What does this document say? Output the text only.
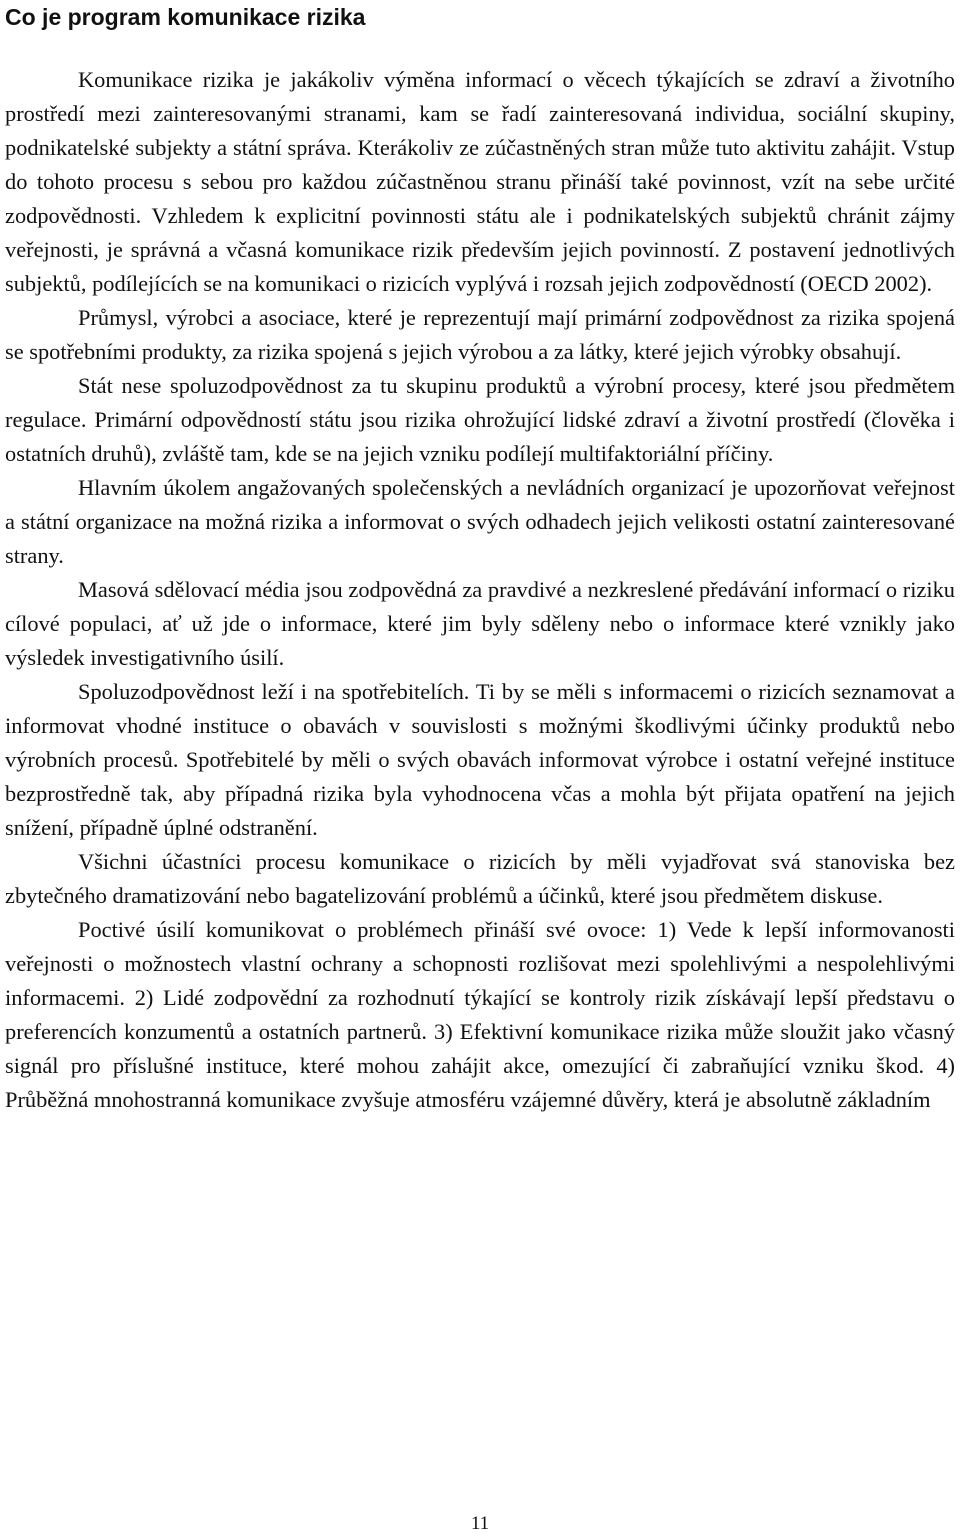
Co je program komunikace rizika

Komunikace rizika je jakákoliv výměna informací o věcech týkajících se zdraví a životního prostředí mezi zainteresovanými stranami, kam se řadí zainteresovaná individua, sociální skupiny, podnikatelské subjekty a státní správa. Kterákoliv ze zúčastněných stran může tuto aktivitu zahájit. Vstup do tohoto procesu s sebou pro každou zúčastněnou stranu přináší také povinnost, vzít na sebe určité zodpovědnosti. Vzhledem k explicitní povinnosti státu ale i podnikatelských subjektů chránit zájmy veřejnosti, je správná a včasná komunikace rizik především jejich povinností. Z postavení jednotlivých subjektů, podílejících se na komunikaci o rizicích vyplývá i rozsah jejich zodpovědností (OECD 2002).

Průmysl, výrobci a asociace, které je reprezentují mají primární zodpovědnost za rizika spojená se spotřebními produkty, za rizika spojená s jejich výrobou a za látky, které jejich výrobky obsahují.

Stát nese spoluzodpovědnost za tu skupinu produktů a výrobní procesy, které jsou předmětem regulace. Primární odpovědností státu jsou rizika ohrožující lidské zdraví a životní prostředí (člověka i ostatních druhů), zvláště tam, kde se na jejich vzniku podílejí multifaktoriální příčiny.

Hlavním úkolem angažovaných společenských a nevládních organizací je upozorňovat veřejnost a státní organizace na možná rizika a informovat o svých odhadech jejich velikosti ostatní zainteresované strany.

Masová sdělovací média jsou zodpovědná za pravdivé a nezkreslené předávání informací o riziku cílové populaci, ať už jde o informace, které jim byly sděleny nebo o informace které vznikly jako výsledek investigativního úsilí.

Spoluzodpovědnost leží i na spotřebitelích. Ti by se měli s informacemi o rizicích seznamovat a informovat vhodné instituce o obavách v souvislosti s možnými škodlivými účinky produktů nebo výrobních procesů. Spotřebitelé by měli o svých obavách informovat výrobce i ostatní veřejné instituce bezprostředně tak, aby případná rizika byla vyhodnocena včas a mohla být přijata opatření na jejich snížení, případně úplné odstranění.

Všichni účastníci procesu komunikace o rizicích by měli vyjadřovat svá stanoviska bez zbytečného dramatizování nebo bagatelizování problémů a účinků, které jsou předmětem diskuse.

Poctivé úsilí komunikovat o problémech přináší své ovoce: 1) Vede k lepší informovanosti veřejnosti o možnostech vlastní ochrany a schopnosti rozlišovat mezi spolehlivými a nespolehlivými informacemi. 2) Lidé zodpovědní za rozhodnutí týkající se kontroly rizik získávají lepší představu o preferencích konzumentů a ostatních partnerů. 3) Efektivní komunikace rizika může sloužit jako včasný signál pro příslušné instituce, které mohou zahájit akce, omezující či zabraňující vzniku škod. 4) Průběžná mnohostranná komunikace zvyšuje atmosféru vzájemné důvěry, která je absolutně základním

11
